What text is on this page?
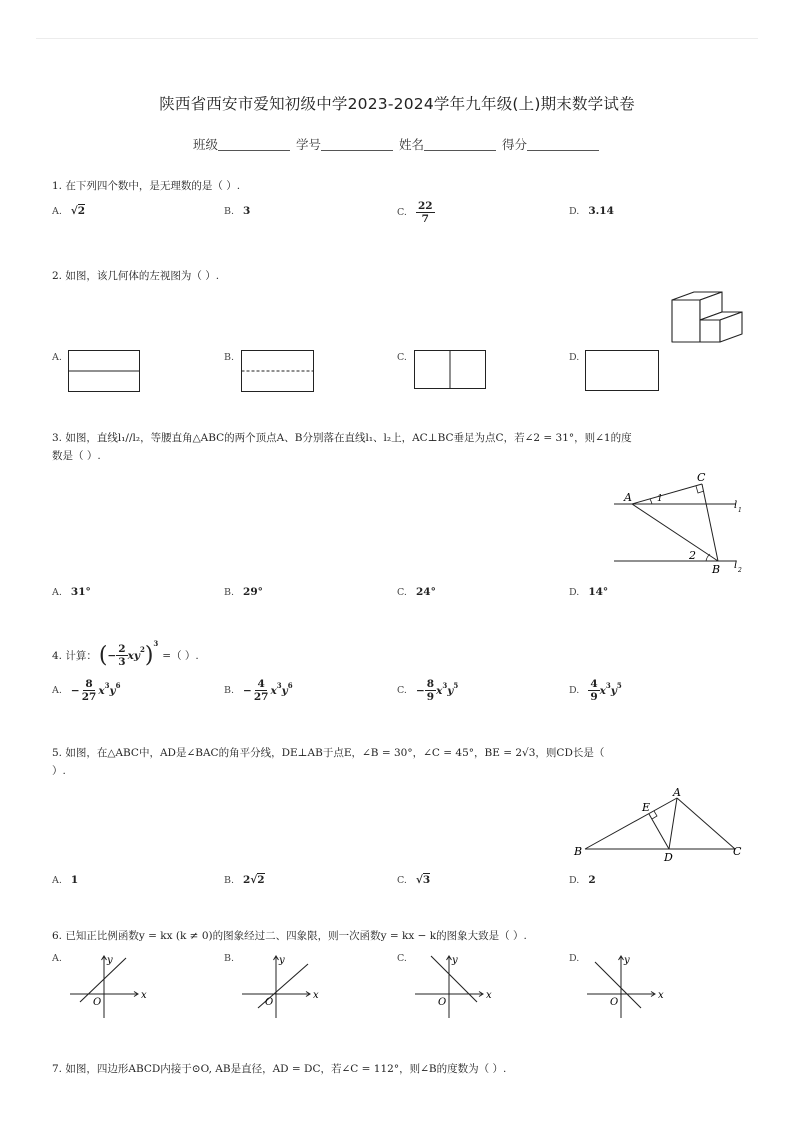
陕西省西安市爱知初级中学2023-2024学年九年级(上)期末数学试卷
班级	学号	姓名	得分
1. 在下列四个数中，是无理数的是（ ）.
A. √2	B. 3	C. $\frac{22}{7}$	D. 3.14
2. 如图，该几何体的左视图为（ ）.
A.	B.	C.	D.
3. 如图，直线l₁//l₂，等腰直角△ABC的两个顶点A、B分别落在直线l₁、l₂上，AC⊥BC垂足为点C，若∠2 = 31°，则∠1的度
数是（ ）.
A
C
B
1
2
l 1
l 2
A. 31°	B. 29°	C. 24°	D. 14°
4. 计算： ( − $\frac{2}{3} xy^2$ )$^3$
=（ ）.
A. − $\frac{8}{27} x^3$ $y^6$	B. − $\frac{4}{27} x^3$ $y^6$	C. − $\frac{8}{9} x^3$ $y^5$	D. $\frac{4}{9} x^3$ $y^5$
5. 如图，在△ABC中，AD是∠BAC的角平分线，DE⊥AB于点E，∠B = 30°，∠C = 45°，BE = 2√3，则CD长是（
）.
A
B	C
D
E
A. 1	B. 2√2	C. √3	D. 2
6. 已知正比例函数y = kx (k ≠ 0)的图象经过二、四象限，则一次函数y = kx − k的图象大致是（ ）.
A.
x
y
O
B.
x
y
O
C.
x
y
O
D.
x
y
O
7. 如图，四边形ABCD内接于⊙O, AB是直径，AD = DC，若∠C = 112°，则∠B的度数为（ ）.
